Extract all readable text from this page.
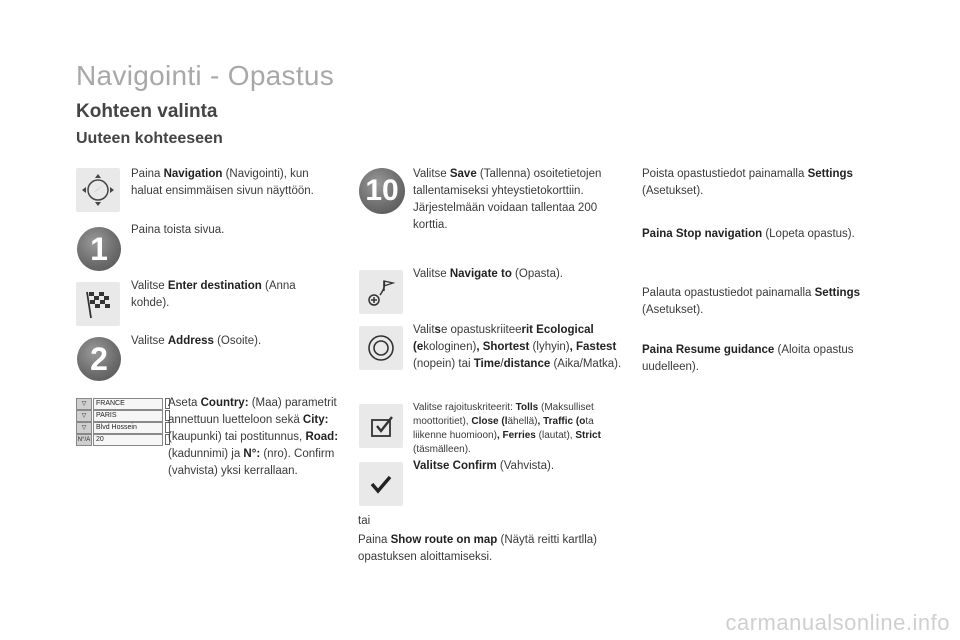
Navigointi - Opastus
Kohteen valinta
Uuteen kohteeseen
Paina Navigation (Navigointi), kun haluat ensimmäisen sivun näyttöön.
1
Paina toista sivua.
Valitse Enter destination (Anna kohde).
2	Valitse Address (Osoite).
▽	FRANCE
▽	PARIS
▽	Blvd Hossein
N°/A 20
Aseta Country: (Maa) parametrit annettuun luetteloon sekä City: (kaupunki) tai postitunnus, Road: (kadunnimi) ja N°: (nro). Confirm (vahvista) yksi kerrallaan.
10	Valitse Save (Tallenna) osoitetietojen tallentamiseksi yhteystietokorttiin. Järjestelmään voidaan tallentaa 200 korttia.
Valitse Navigate to (Opasta).
Valitse opastuskriiteerit Ecological (ekologinen), Shortest (lyhyin), Fastest (nopein) tai Time/distance (Aika/Matka).
Valitse rajoituskriteerit: Tolls (Maksulliset moottoritiet), Close (lähellä), Traffic (ota liikenne huomioon), Ferries (lautat), Strict (täsmälleen).
Valitse Confirm (Vahvista).
tai
Paina Show route on map (Näytä reitti kartlla) opastuksen aloittamiseksi.
Poista opastustiedot painamalla Settings (Asetukset).
Paina Stop navigation (Lopeta opastus).
Palauta opastustiedot painamalla Settings (Asetukset).
Paina Resume guidance (Aloita opastus uudelleen).
carmanualsonline.info
